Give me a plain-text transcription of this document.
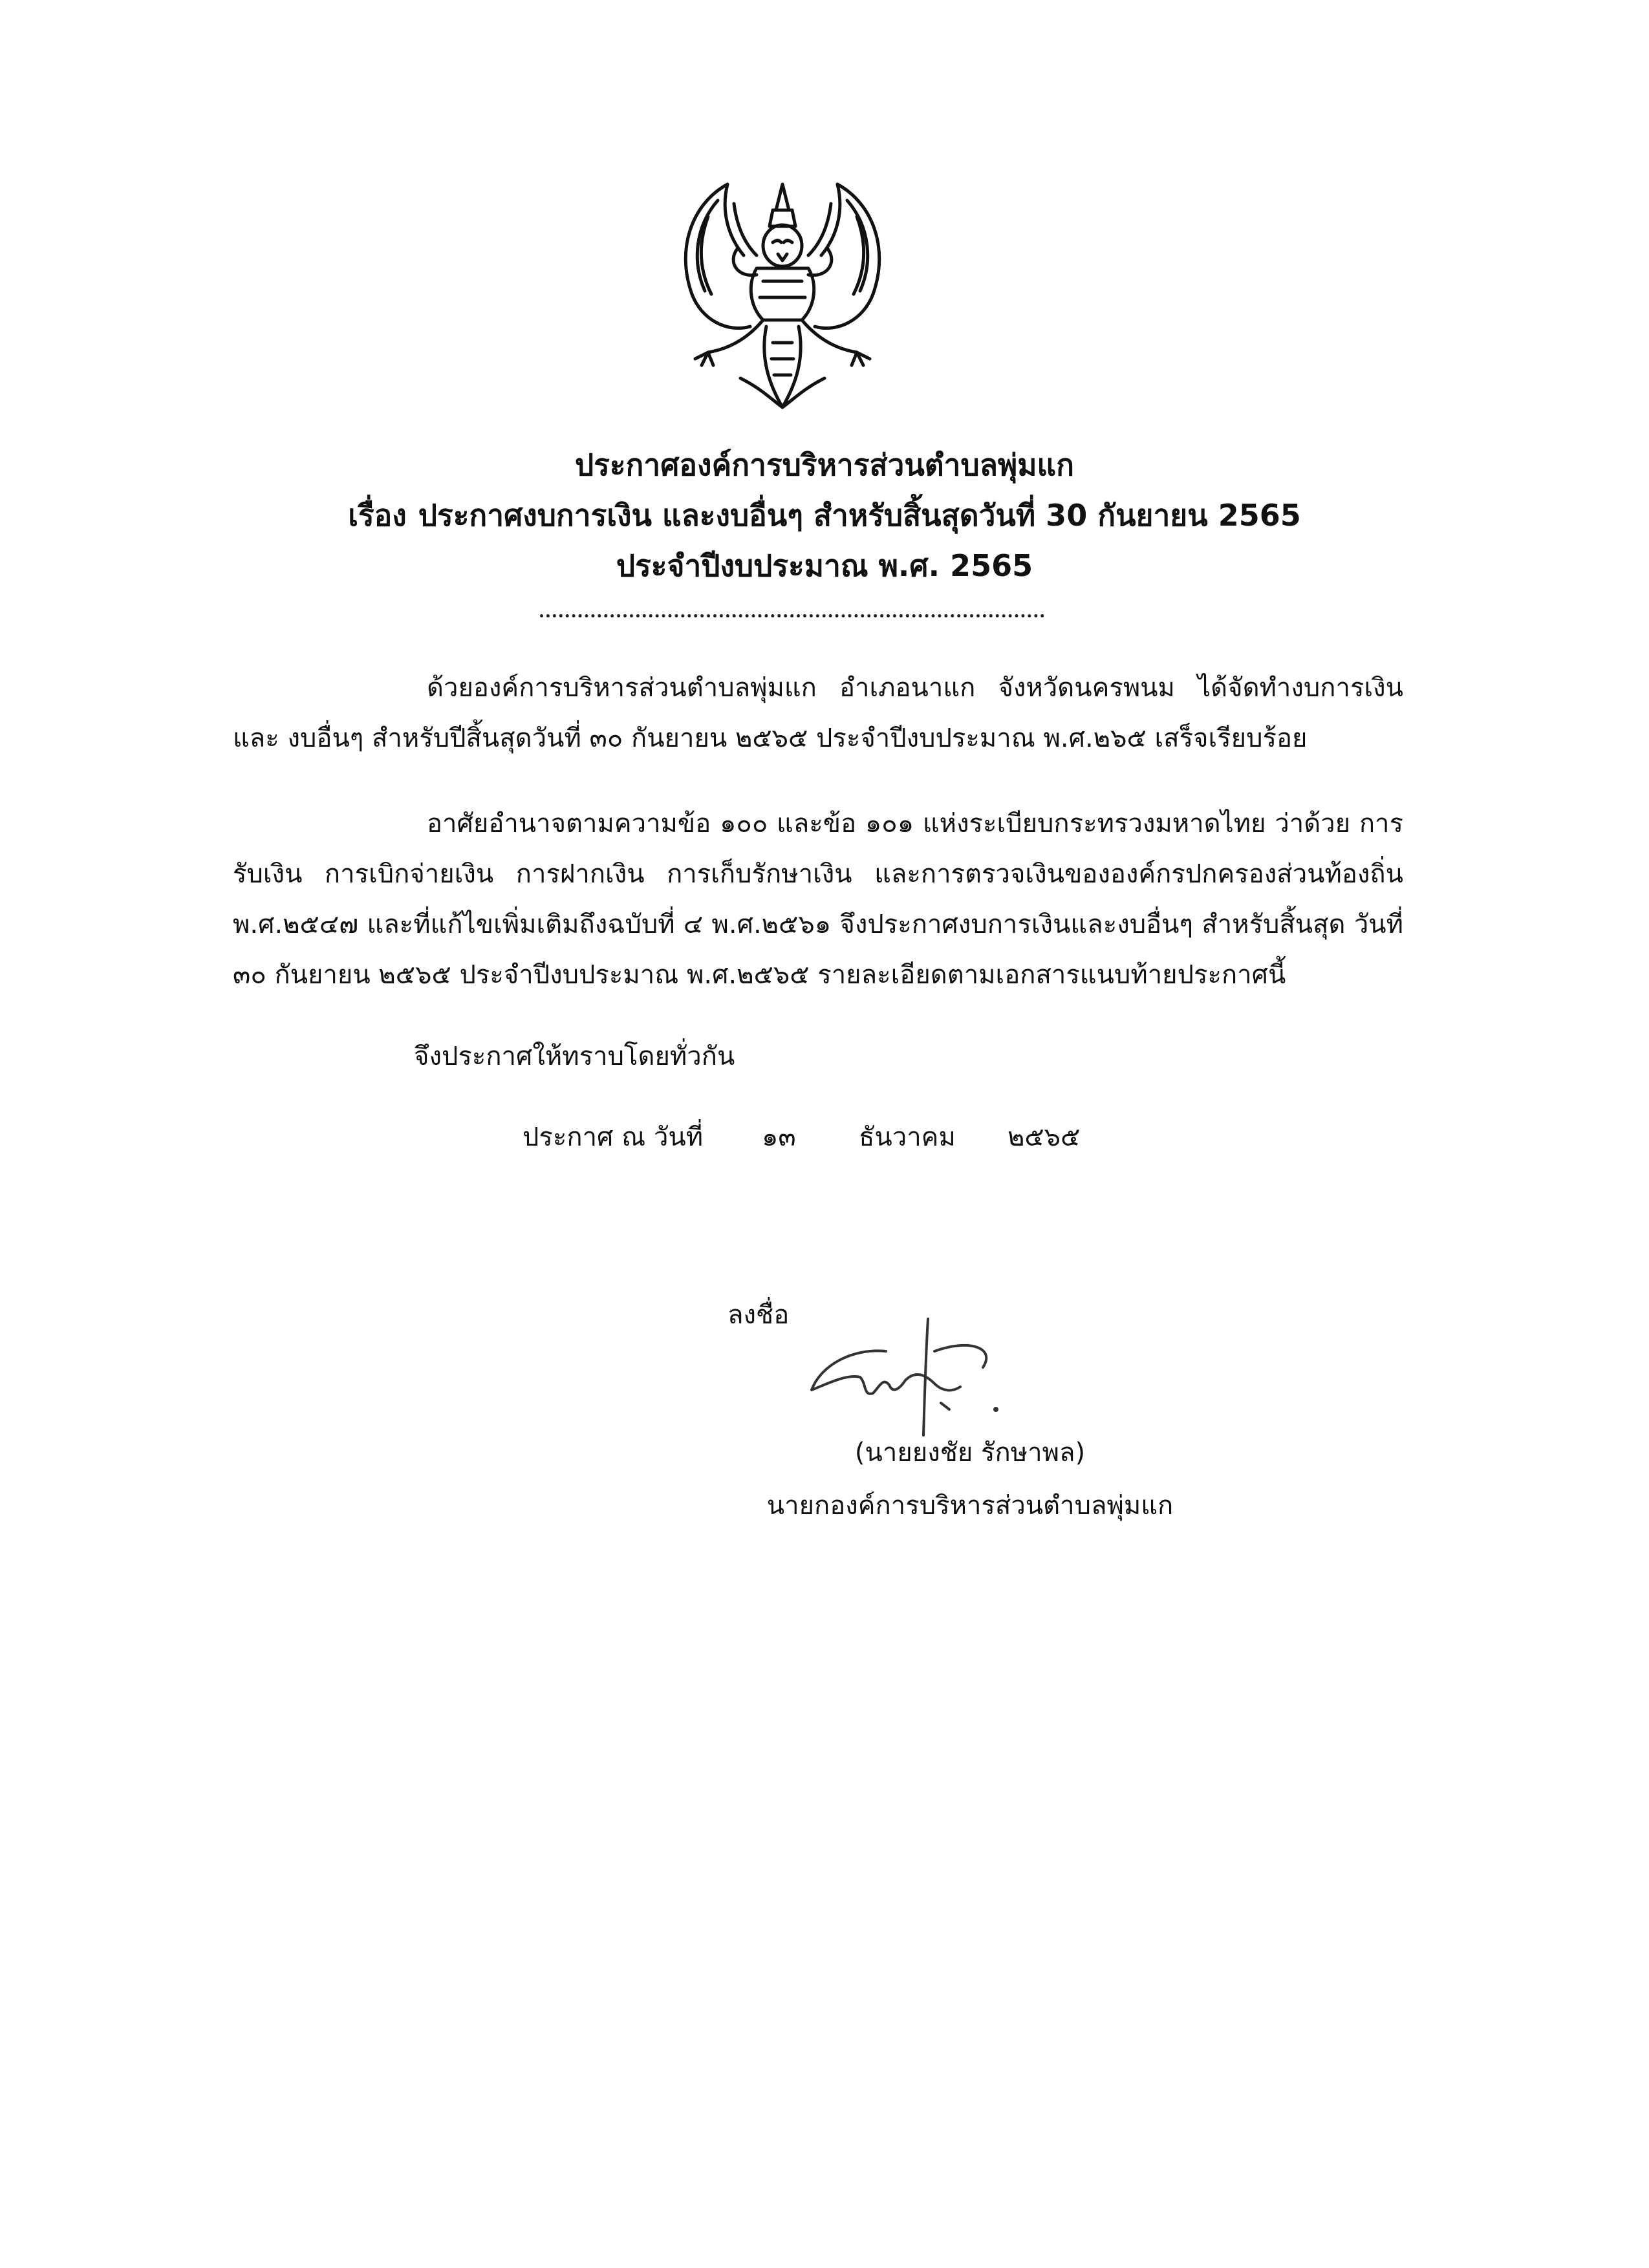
ประกาศองค์การบริหารส่วนตำบลพุ่มแก
เรื่อง ประกาศงบการเงิน และงบอื่นๆ สำหรับสิ้นสุดวันที่ 30 กันยายน 2565
ประจำปีงบประมาณ พ.ศ. 2565
ด้วยองค์การบริหารส่วนตำบลพุ่มแก อำเภอนาแก จังหวัดนครพนม ได้จัดทำงบการเงิน และ งบอื่นๆ สำหรับปีสิ้นสุดวันที่ ๓๐ กันยายน ๒๕๖๕ ประจำปีงบประมาณ พ.ศ.๒๖๕ เสร็จเรียบร้อย
อาศัยอำนาจตามความข้อ ๑๐๐ และข้อ ๑๐๑ แห่งระเบียบกระทรวงมหาดไทย ว่าด้วย การรับเงิน การเบิกจ่ายเงิน การฝากเงิน การเก็บรักษาเงิน และการตรวจเงินขององค์กรปกครองส่วนท้องถิ่น พ.ศ.๒๕๔๗ และที่แก้ไขเพิ่มเติมถึงฉบับที่ ๔ พ.ศ.๒๕๖๑ จึงประกาศงบการเงินและงบอื่นๆ สำหรับสิ้นสุด วันที่ ๓๐ กันยายน ๒๕๖๕ ประจำปีงบประมาณ พ.ศ.๒๕๖๕ รายละเอียดตามเอกสารแนบท้ายประกาศนี้
จึงประกาศให้ทราบโดยทั่วกัน
ประกาศ ณ วันที่ ๑๓ ธันวาคม ๒๕๖๕
ลงชื่อ
(นายยงชัย รักษาพล)
นายกองค์การบริหารส่วนตำบลพุ่มแก
